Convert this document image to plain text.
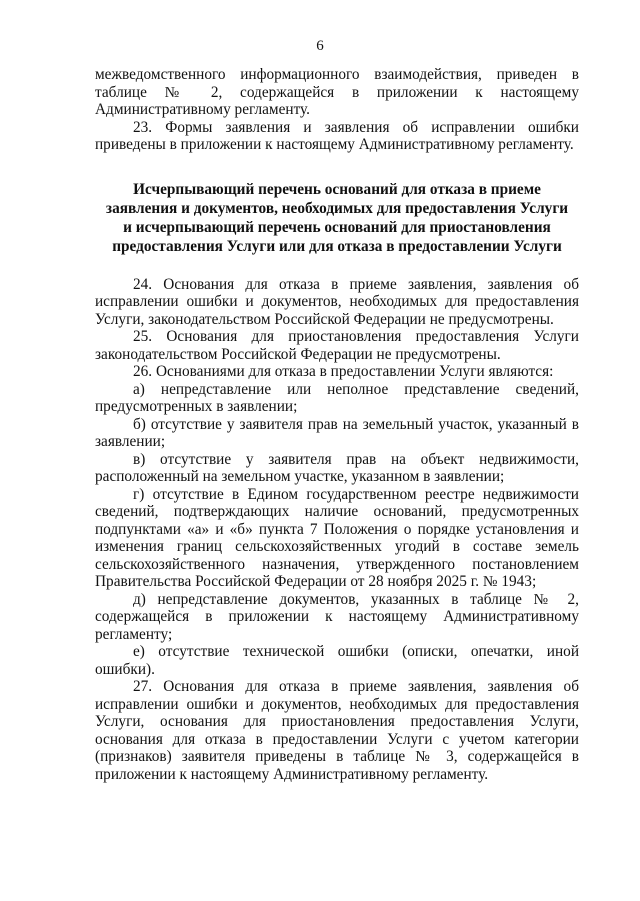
6

межведомственного информационного взаимодействия, приведен в таблице № 2, содержащейся в приложении к настоящему Административному регламенту.

23. Формы заявления и заявления об исправлении ошибки приведены в приложении к настоящему Административному регламенту.

Исчерпывающий перечень оснований для отказа в приеме
заявления и документов, необходимых для предоставления Услуги
и исчерпывающий перечень оснований для приостановления
предоставления Услуги или для отказа в предоставлении Услуги

24. Основания для отказа в приеме заявления, заявления об исправлении ошибки и документов, необходимых для предоставления Услуги, законодательством Российской Федерации не предусмотрены.

25. Основания для приостановления предоставления Услуги законодательством Российской Федерации не предусмотрены.

26. Основаниями для отказа в предоставлении Услуги являются:

а) непредставление или неполное представление сведений, предусмотренных в заявлении;

б) отсутствие у заявителя прав на земельный участок, указанный в заявлении;

в) отсутствие у заявителя прав на объект недвижимости, расположенный на земельном участке, указанном в заявлении;

г) отсутствие в Едином государственном реестре недвижимости сведений, подтверждающих наличие оснований, предусмотренных подпунктами «а» и «б» пункта 7 Положения о порядке установления и изменения границ сельскохозяйственных угодий в составе земель сельскохозяйственного назначения, утвержденного постановлением Правительства Российской Федерации от 28 ноября 2025 г. № 1943;

д) непредставление документов, указанных в таблице № 2, содержащейся в приложении к настоящему Административному регламенту;

е) отсутствие технической ошибки (описки, опечатки, иной ошибки).

27. Основания для отказа в приеме заявления, заявления об исправлении ошибки и документов, необходимых для предоставления Услуги, основания для приостановления предоставления Услуги, основания для отказа в предоставлении Услуги с учетом категории (признаков) заявителя приведены в таблице № 3, содержащейся в приложении к настоящему Административному регламенту.
